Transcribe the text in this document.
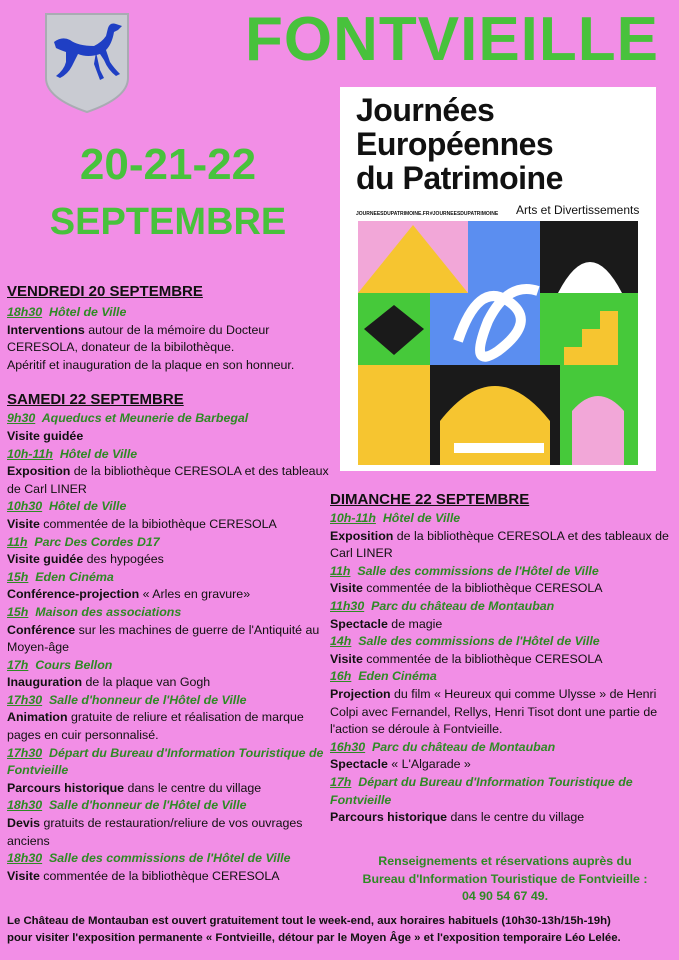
FONTVIEILLE
20-21-22
SEPTEMBRE
Journées
Européennes
du Patrimoine
JOURNEESDUPATRIMOINE.FR #JOURNEESDUPATRIMOINE Arts et Divertissements
VENDREDI 20 SEPTEMBRE
18h30 Hôtel de Ville
Interventions autour de la mémoire du Docteur CERESOLA, donateur de la bibilothèque.
Apéritif et inauguration de la plaque en son honneur.
SAMEDI 22 SEPTEMBRE
9h30 Aqueducs et Meunerie de Barbegal
Visite guidée
10h-11h Hôtel de Ville
Exposition de la bibliothèque CERESOLA et des tableaux de Carl LINER
10h30 Hôtel de Ville
Visite commentée de la bibiothèque CERESOLA
11h Parc Des Cordes D17
Visite guidée des hypogées
15h Eden Cinéma
Conférence-projection « Arles en gravure»
15h Maison des associations
Conférence sur les machines de guerre de l'Antiquité au Moyen-âge
17h Cours Bellon
Inauguration de la plaque van Gogh
17h30 Salle d'honneur de l'Hôtel de Ville
Animation gratuite de reliure et réalisation de marque pages en cuir personnalisé.
17h30 Départ du Bureau d'Information Touristique de Fontvieille
Parcours historique dans le centre du village
18h30 Salle d'honneur de l'Hôtel de Ville
Devis gratuits de restauration/reliure de vos ouvrages anciens
18h30 Salle des commissions de l'Hôtel de Ville
Visite commentée de la bibliothèque CERESOLA
DIMANCHE 22 SEPTEMBRE
10h-11h Hôtel de Ville
Exposition de la bibliothèque CERESOLA et des tableaux de Carl LINER
11h Salle des commissions de l'Hôtel de Ville
Visite commentée de la bibliothèque CERESOLA
11h30 Parc du château de Montauban
Spectacle de magie
14h Salle des commissions de l'Hôtel de Ville
Visite commentée de la bibliothèque CERESOLA
16h Eden Cinéma
Projection du film « Heureux qui comme Ulysse » de Henri Colpi avec Fernandel, Rellys, Henri Tisot dont une partie de l'action se déroule à Fontvieille.
16h30 Parc du château de Montauban
Spectacle « L'Algarade »
17h Départ du Bureau d'Information Touristique de Fontvieille
Parcours historique dans le centre du village
Renseignements et réservations auprès du
Bureau d'Information Touristique de Fontvieille :
04 90 54 67 49.
Le Château de Montauban est ouvert gratuitement tout le week-end, aux horaires habituels (10h30-13h/15h-19h)
pour visiter l'exposition permanente « Fontvieille, détour par le Moyen Âge » et l'exposition temporaire Léo Lelée.
